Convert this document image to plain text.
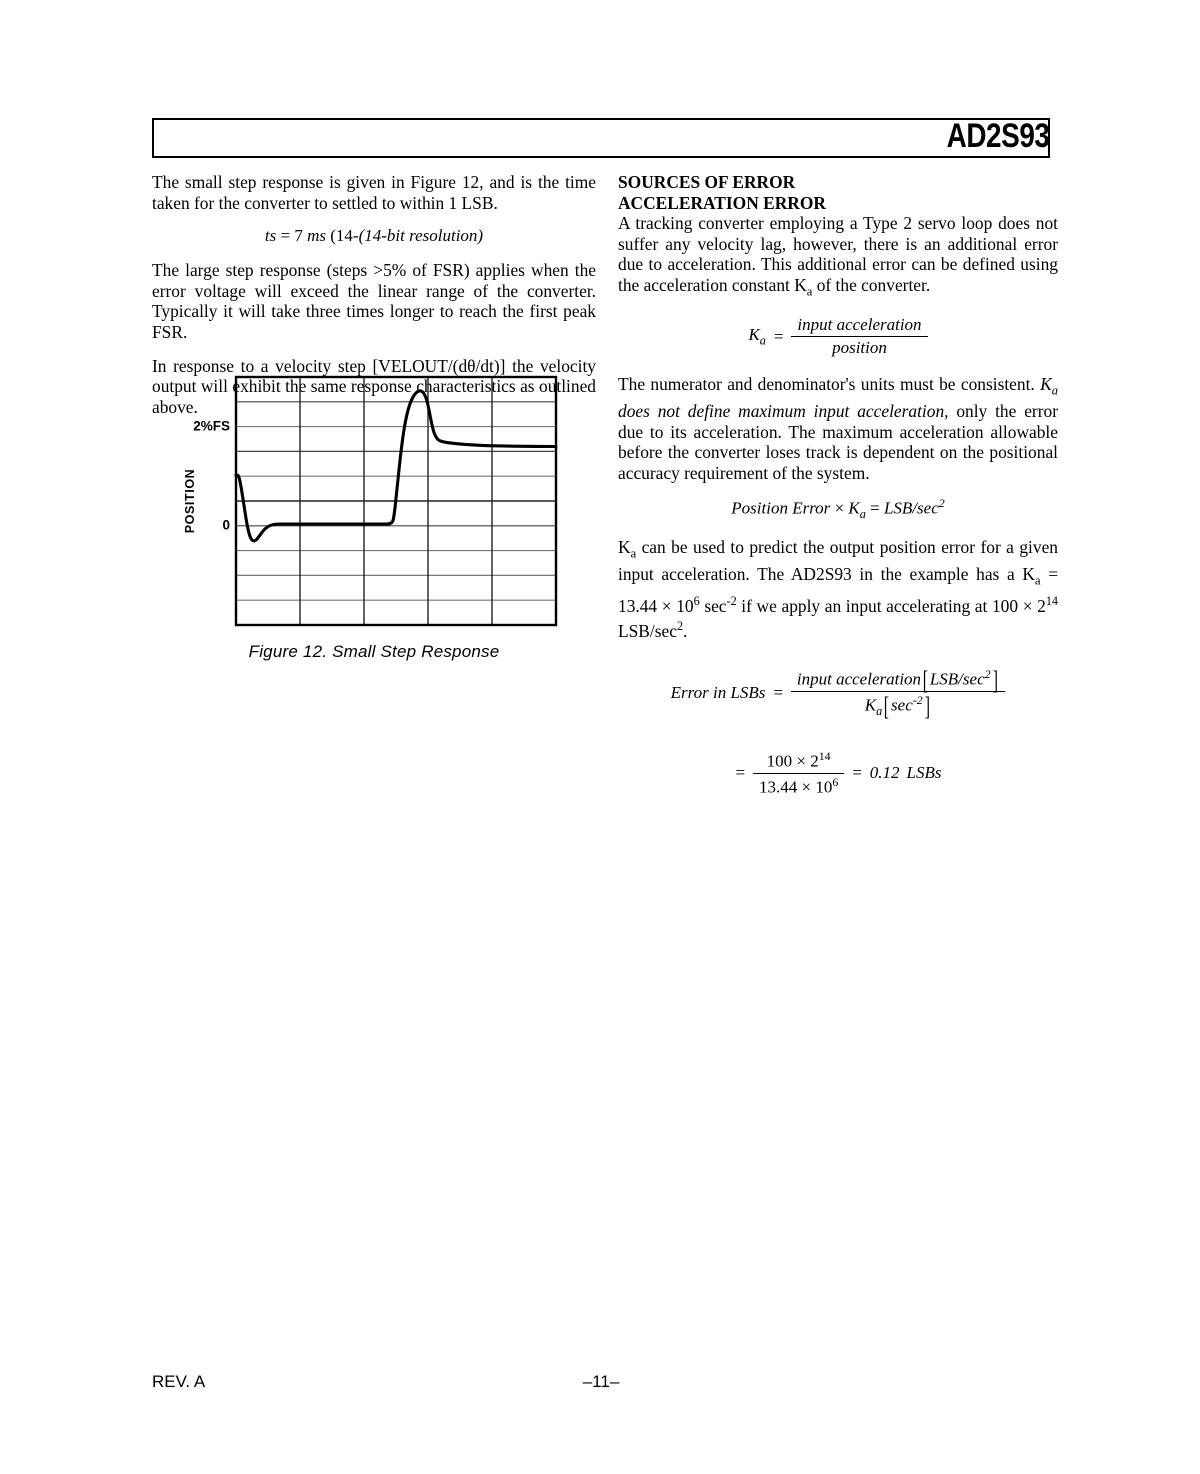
AD2S93

The small step response is given in Figure 12, and is the time taken for the converter to settled to within 1 LSB.

ts = 7 ms (14-(14-bit resolution)

The large step response (steps >5% of FSR) applies when the error voltage will exceed the linear range of the converter. Typically it will take three times longer to reach the first peak FSR.

In response to a velocity step [VELOUT/(dθ/dt)] the velocity output will exhibit the same response characteristics as outlined above.

2%FS
0
POSITION
Figure 12. Small Step Response
SOURCES OF ERROR
ACCELERATION ERROR

A tracking converter employing a Type 2 servo loop does not suffer any velocity lag, however, there is an additional error due to acceleration. This additional error can be defined using the acceleration constant $K_a$ of the converter.

$K_a = \frac{\text{input acceleration}}{\text{position}}$

The numerator and denominator's units must be consistent. $K_a$ does not define maximum input acceleration, only the error due to its acceleration. The maximum acceleration allowable before the converter loses track is dependent on the positional accuracy requirement of the system.

Position Error × $K_a = LSB/\sec^2$

$K_a$ can be used to predict the output position error for a given input acceleration. The AD2S93 in the example has a $K_a = 13.44 \times 10^6$ $\sec^{-2}$ if we apply an input accelerating at $100 \times 2^{14}$ LSB/$\sec^2$.

Error in LSBs = $\frac{input acceleration[ LSB/\sec^2]}{K_a[ \sec^{-2}]}$
= $\frac{100 \times 2^{14}}{13.44 \times 10^6} = 0.12$ LSBs
REV. A	–11–
